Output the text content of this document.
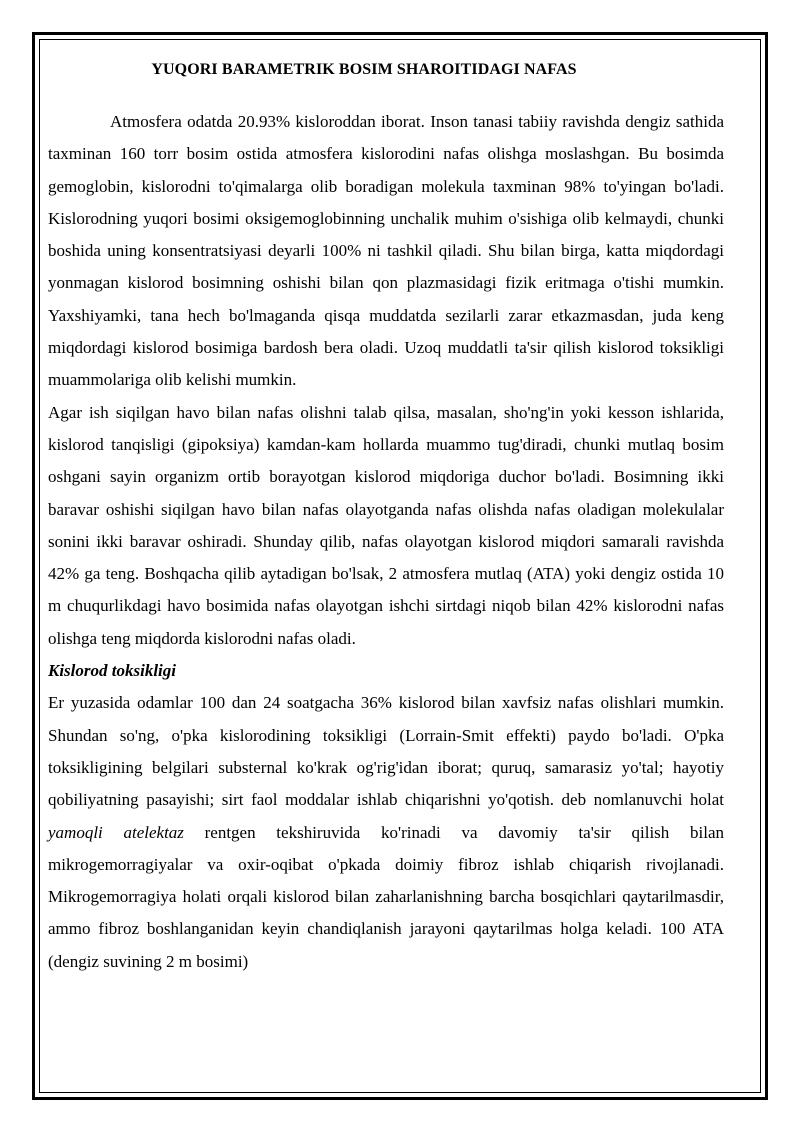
YUQORI BARAMETRIK BOSIM SHAROITIDAGI NAFAS

Atmosfera odatda 20.93% kisloroddan iborat. Inson tanasi tabiiy ravishda dengiz sathida taxminan 160 torr bosim ostida atmosfera kislorodini nafas olishga moslashgan. Bu bosimda gemoglobin, kislorodni to'qimalarga olib boradigan molekula taxminan 98% to'yingan bo'ladi. Kislorodning yuqori bosimi oksigemoglobinning unchalik muhim o'sishiga olib kelmaydi, chunki boshida uning konsentratsiyasi deyarli 100% ni tashkil qiladi. Shu bilan birga, katta miqdordagi yonmagan kislorod bosimning oshishi bilan qon plazmasidagi fizik eritmaga o'tishi mumkin. Yaxshiyamki, tana hech bo'lmaganda qisqa muddatda sezilarli zarar etkazmasdan, juda keng miqdordagi kislorod bosimiga bardosh bera oladi. Uzoq muddatli ta'sir qilish kislorod toksikligi muammolariga olib kelishi mumkin.

Agar ish siqilgan havo bilan nafas olishni talab qilsa, masalan, sho'ng'in yoki kesson ishlarida, kislorod tanqisligi (gipoksiya) kamdan-kam hollarda muammo tug'diradi, chunki mutlaq bosim oshgani sayin organizm ortib borayotgan kislorod miqdoriga duchor bo'ladi. Bosimning ikki baravar oshishi siqilgan havo bilan nafas olayotganda nafas olishda nafas oladigan molekulalar sonini ikki baravar oshiradi. Shunday qilib, nafas olayotgan kislorod miqdori samarali ravishda 42% ga teng. Boshqacha qilib aytadigan bo'lsak, 2 atmosfera mutlaq (ATA) yoki dengiz ostida 10 m chuqurlikdagi havo bosimida nafas olayotgan ishchi sirtdagi niqob bilan 42% kislorodni nafas olishga teng miqdorda kislorodni nafas oladi.

Kislorod toksikligi

Er yuzasida odamlar 100 dan 24 soatgacha 36% kislorod bilan xavfsiz nafas olishlari mumkin. Shundan so'ng, o'pka kislorodining toksikligi (Lorrain-Smit effekti) paydo bo'ladi. O'pka toksikligining belgilari substernal ko'krak og'rig'idan iborat; quruq, samarasiz yo'tal; hayotiy qobiliyatning pasayishi; sirt faol moddalar ishlab chiqarishni yo'qotish. deb nomlanuvchi holat yamoqli atelektaz rentgen tekshiruvida ko'rinadi va davomiy ta'sir qilish bilan mikrogemorragiyalar va oxir-oqibat o'pkada doimiy fibroz ishlab chiqarish rivojlanadi. Mikrogemorragiya holati orqali kislorod bilan zaharlanishning barcha bosqichlari qaytarilmasdir, ammo fibroz boshlanganidan keyin chandiqlanish jarayoni qaytarilmas holga keladi. 100 ATA (dengiz suvining 2 m bosimi)
